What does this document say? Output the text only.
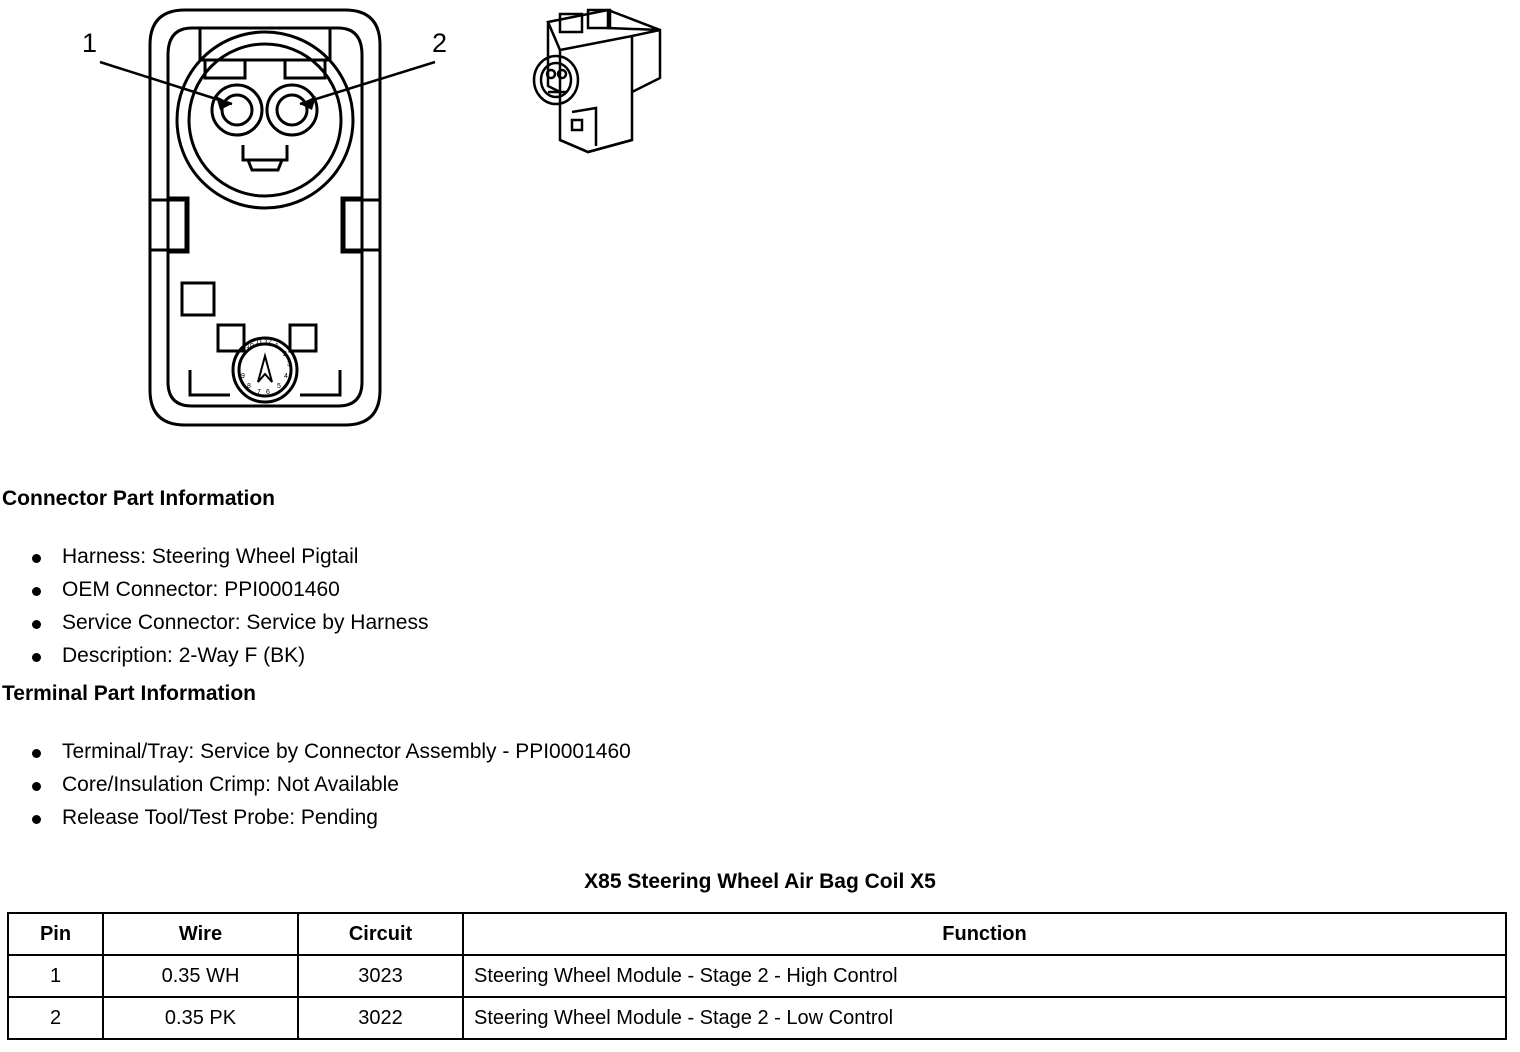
10
11 12
1
2
3
4
5
6
7
8
9
1	2
Connector Part Information
Harness: Steering Wheel Pigtail
OEM Connector: PPI0001460
Service Connector: Service by Harness
Description: 2-Way F (BK)
Terminal Part Information
Terminal/Tray: Service by Connector Assembly - PPI0001460
Core/Insulation Crimp: Not Available
Release Tool/Test Probe: Pending
X85 Steering Wheel Air Bag Coil X5
Pin	Wire	Circuit	Function
1	0.35 WH	3023	Steering Wheel Module - Stage 2 - High Control
2	0.35 PK	3022	Steering Wheel Module - Stage 2 - Low Control
